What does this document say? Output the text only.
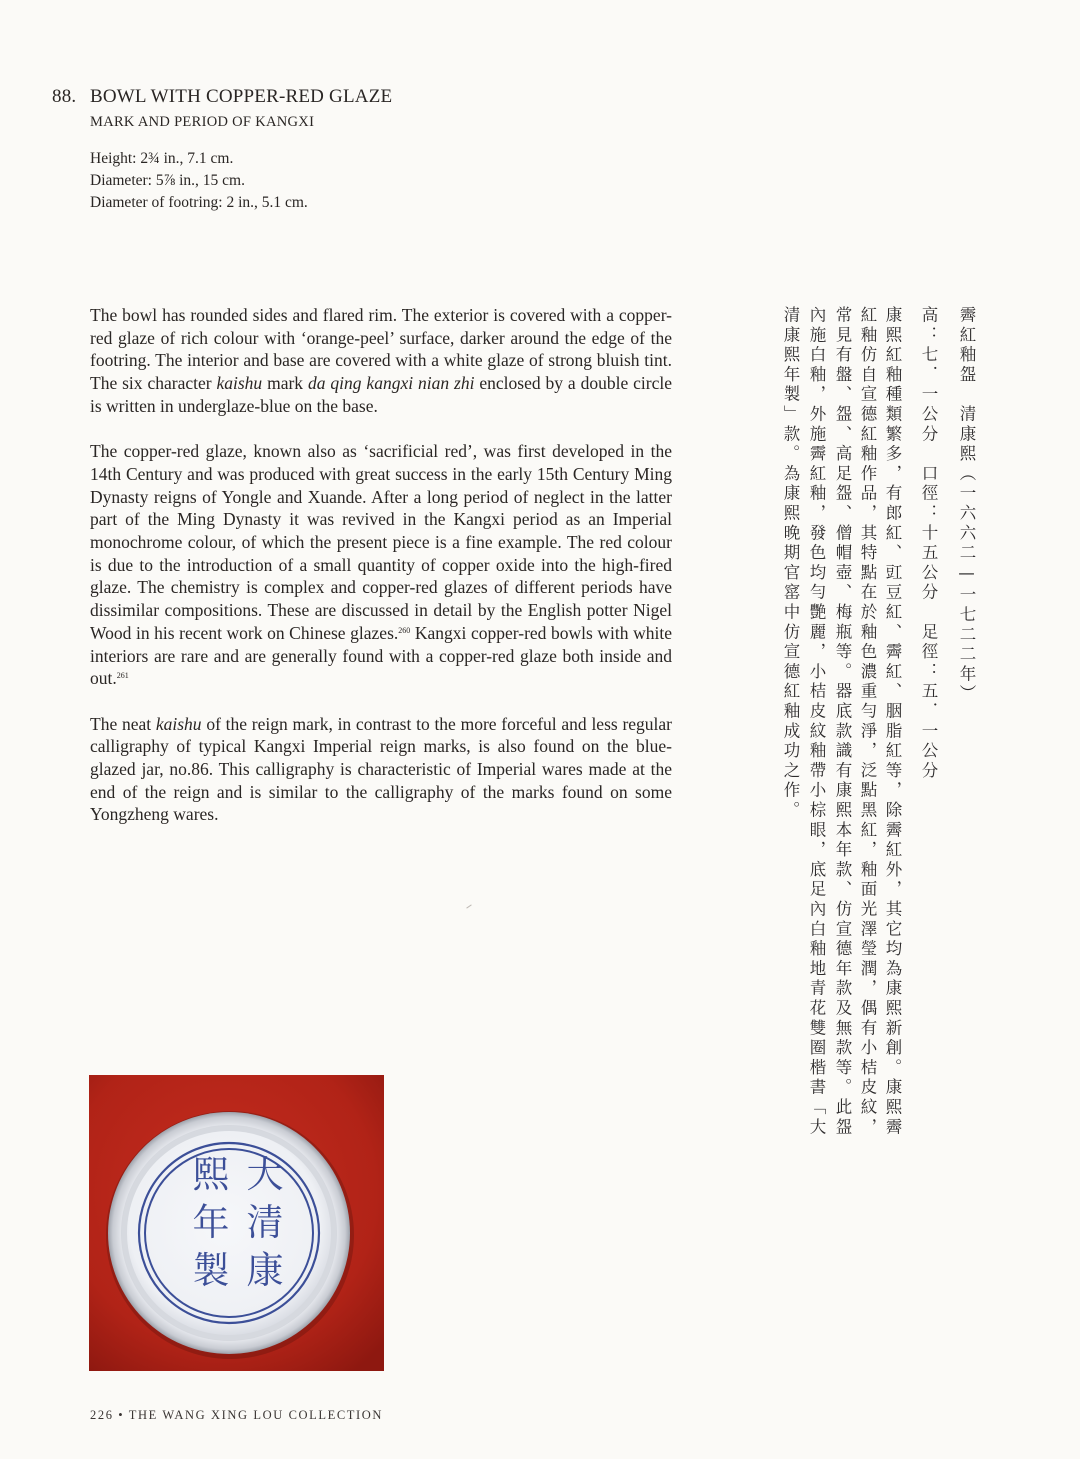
88. BOWL WITH COPPER-RED GLAZE
MARK AND PERIOD OF KANGXI
Height: 2¾ in., 7.1 cm.
Diameter: 5⅞ in., 15 cm.
Diameter of footring: 2 in., 5.1 cm.

The bowl has rounded sides and flared rim. The exterior is covered with a copper-red glaze of rich colour with ‘orange-peel’ surface, darker around the edge of the footring. The interior and base are covered with a white glaze of strong bluish tint. The six character kaishu mark da qing kangxi nian zhi enclosed by a double circle is written in underglaze-blue on the base.

The copper-red glaze, known also as ‘sacrificial red’, was first developed in the 14th Century and was produced with great success in the early 15th Century Ming Dynasty reigns of Yongle and Xuande. After a long period of neglect in the latter part of the Ming Dynasty it was revived in the Kangxi period as an Imperial monochrome colour, of which the present piece is a fine example. The red colour is due to the introduction of a small quantity of copper oxide into the high-fired glaze. The chemistry is complex and copper-red glazes of different periods have dissimilar compositions. These are discussed in detail by the English potter Nigel Wood in his recent work on Chinese glazes.$^{260}$ Kangxi copper-red bowls with white interiors are rare and are generally found with a copper-red glaze both inside and out.$^{261}$

The neat kaishu of the reign mark, in contrast to the more forceful and less regular calligraphy of typical Kangxi Imperial reign marks, is also found on the blue-glazed jar, no.86. This calligraphy is characteristic of Imperial wares made at the end of the reign and is similar to the calligraphy of the marks found on some Yongzheng wares.

霽紅釉盌　清康熙（一六六二—一七二二年）
高：七．一公分　口徑：十五公分　足徑：五．一公分
康熙紅釉種類繁多，有郎紅、豇豆紅、霽紅、胭脂紅等，除霽紅外，其它均為康熙新創。康熙霽
紅釉仿自宣德紅釉作品，其特點在於釉色濃重勻淨，泛點黑紅，釉面光澤瑩潤，偶有小桔皮紋，
常見有盤、盌、高足盌、僧帽壺、梅瓶等。器底款識有康熙本年款、仿宣德年款及無款等。此盌
內施白釉，外施霽紅釉，發色均勻艷麗，小桔皮紋釉帶小棕眼，底足內白釉地青花雙圈楷書「大
清康熙年製」款。為康熙晚期官窰中仿宣德紅釉成功之作。
大
清
康
熙
年
製
226 • THE WANG XING LOU COLLECTION
